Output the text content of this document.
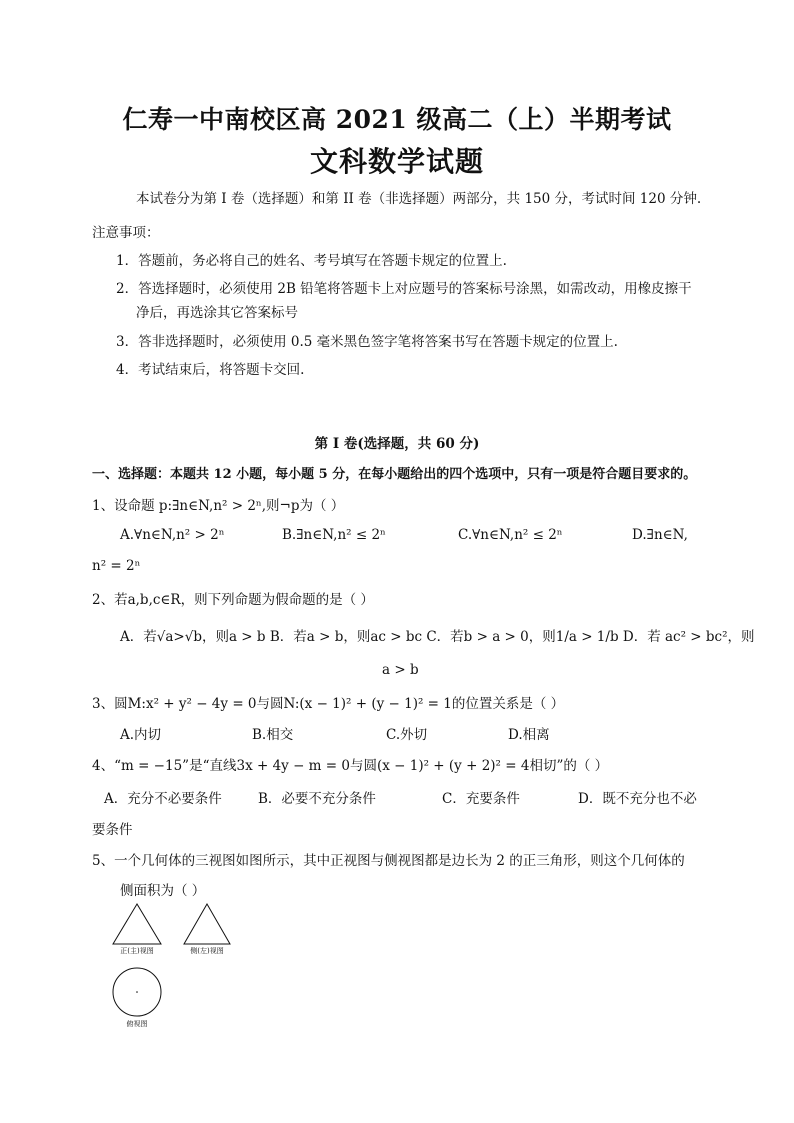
仁寿一中南校区高 2021 级高二（上）半期考试
文科数学试题
本试卷分为第 I 卷（选择题）和第 II 卷（非选择题）两部分，共 150 分，考试时间 120 分钟.
注意事项：
1．答题前，务必将自己的姓名、考号填写在答题卡规定的位置上.
2．答选择题时，必须使用 2B 铅笔将答题卡上对应题号的答案标号涂黑，如需改动，用橡皮擦干
净后，再选涂其它答案标号
3．答非选择题时，必须使用 0.5 毫米黑色签字笔将答案书写在答题卡规定的位置上.
4．考试结束后，将答题卡交回.
第 I 卷(选择题，共 60 分)
一、选择题：本题共 12 小题，每小题 5 分，在每小题给出的四个选项中，只有一项是符合题目要求的。
1、设命题 p:∃n∈N,n² > 2ⁿ,则¬p为（ ）
A.∀n∈N,n² > 2ⁿ	B.∃n∈N,n² ≤ 2ⁿ	C.∀n∈N,n² ≤ 2ⁿ	D.∃n∈N,
n² = 2ⁿ
2、若a,b,c∈R，则下列命题为假命题的是（ ）
A．若√a>√b，则a > b B．若a > b，则ac > bc C．若b > a > 0，则1/a > 1/b D．若 ac² > bc²，则
a > b
3、圆M:x² + y² − 4y = 0与圆N:(x − 1)² + (y − 1)² = 1的位置关系是（ ）
A.内切	B.相交	C.外切	D.相离
4、“m = −15”是“直线3x + 4y − m = 0与圆(x − 1)² + (y + 2)² = 4相切”的（ ）
A．充分不必要条件	B．必要不充分条件	C．充要条件	D．既不充分也不必
要条件
5、一个几何体的三视图如图所示，其中正视图与侧视图都是边长为 2 的正三角形，则这个几何体的
侧面积为（ ）
正(主)视图	侧(左)视图
俯视图
